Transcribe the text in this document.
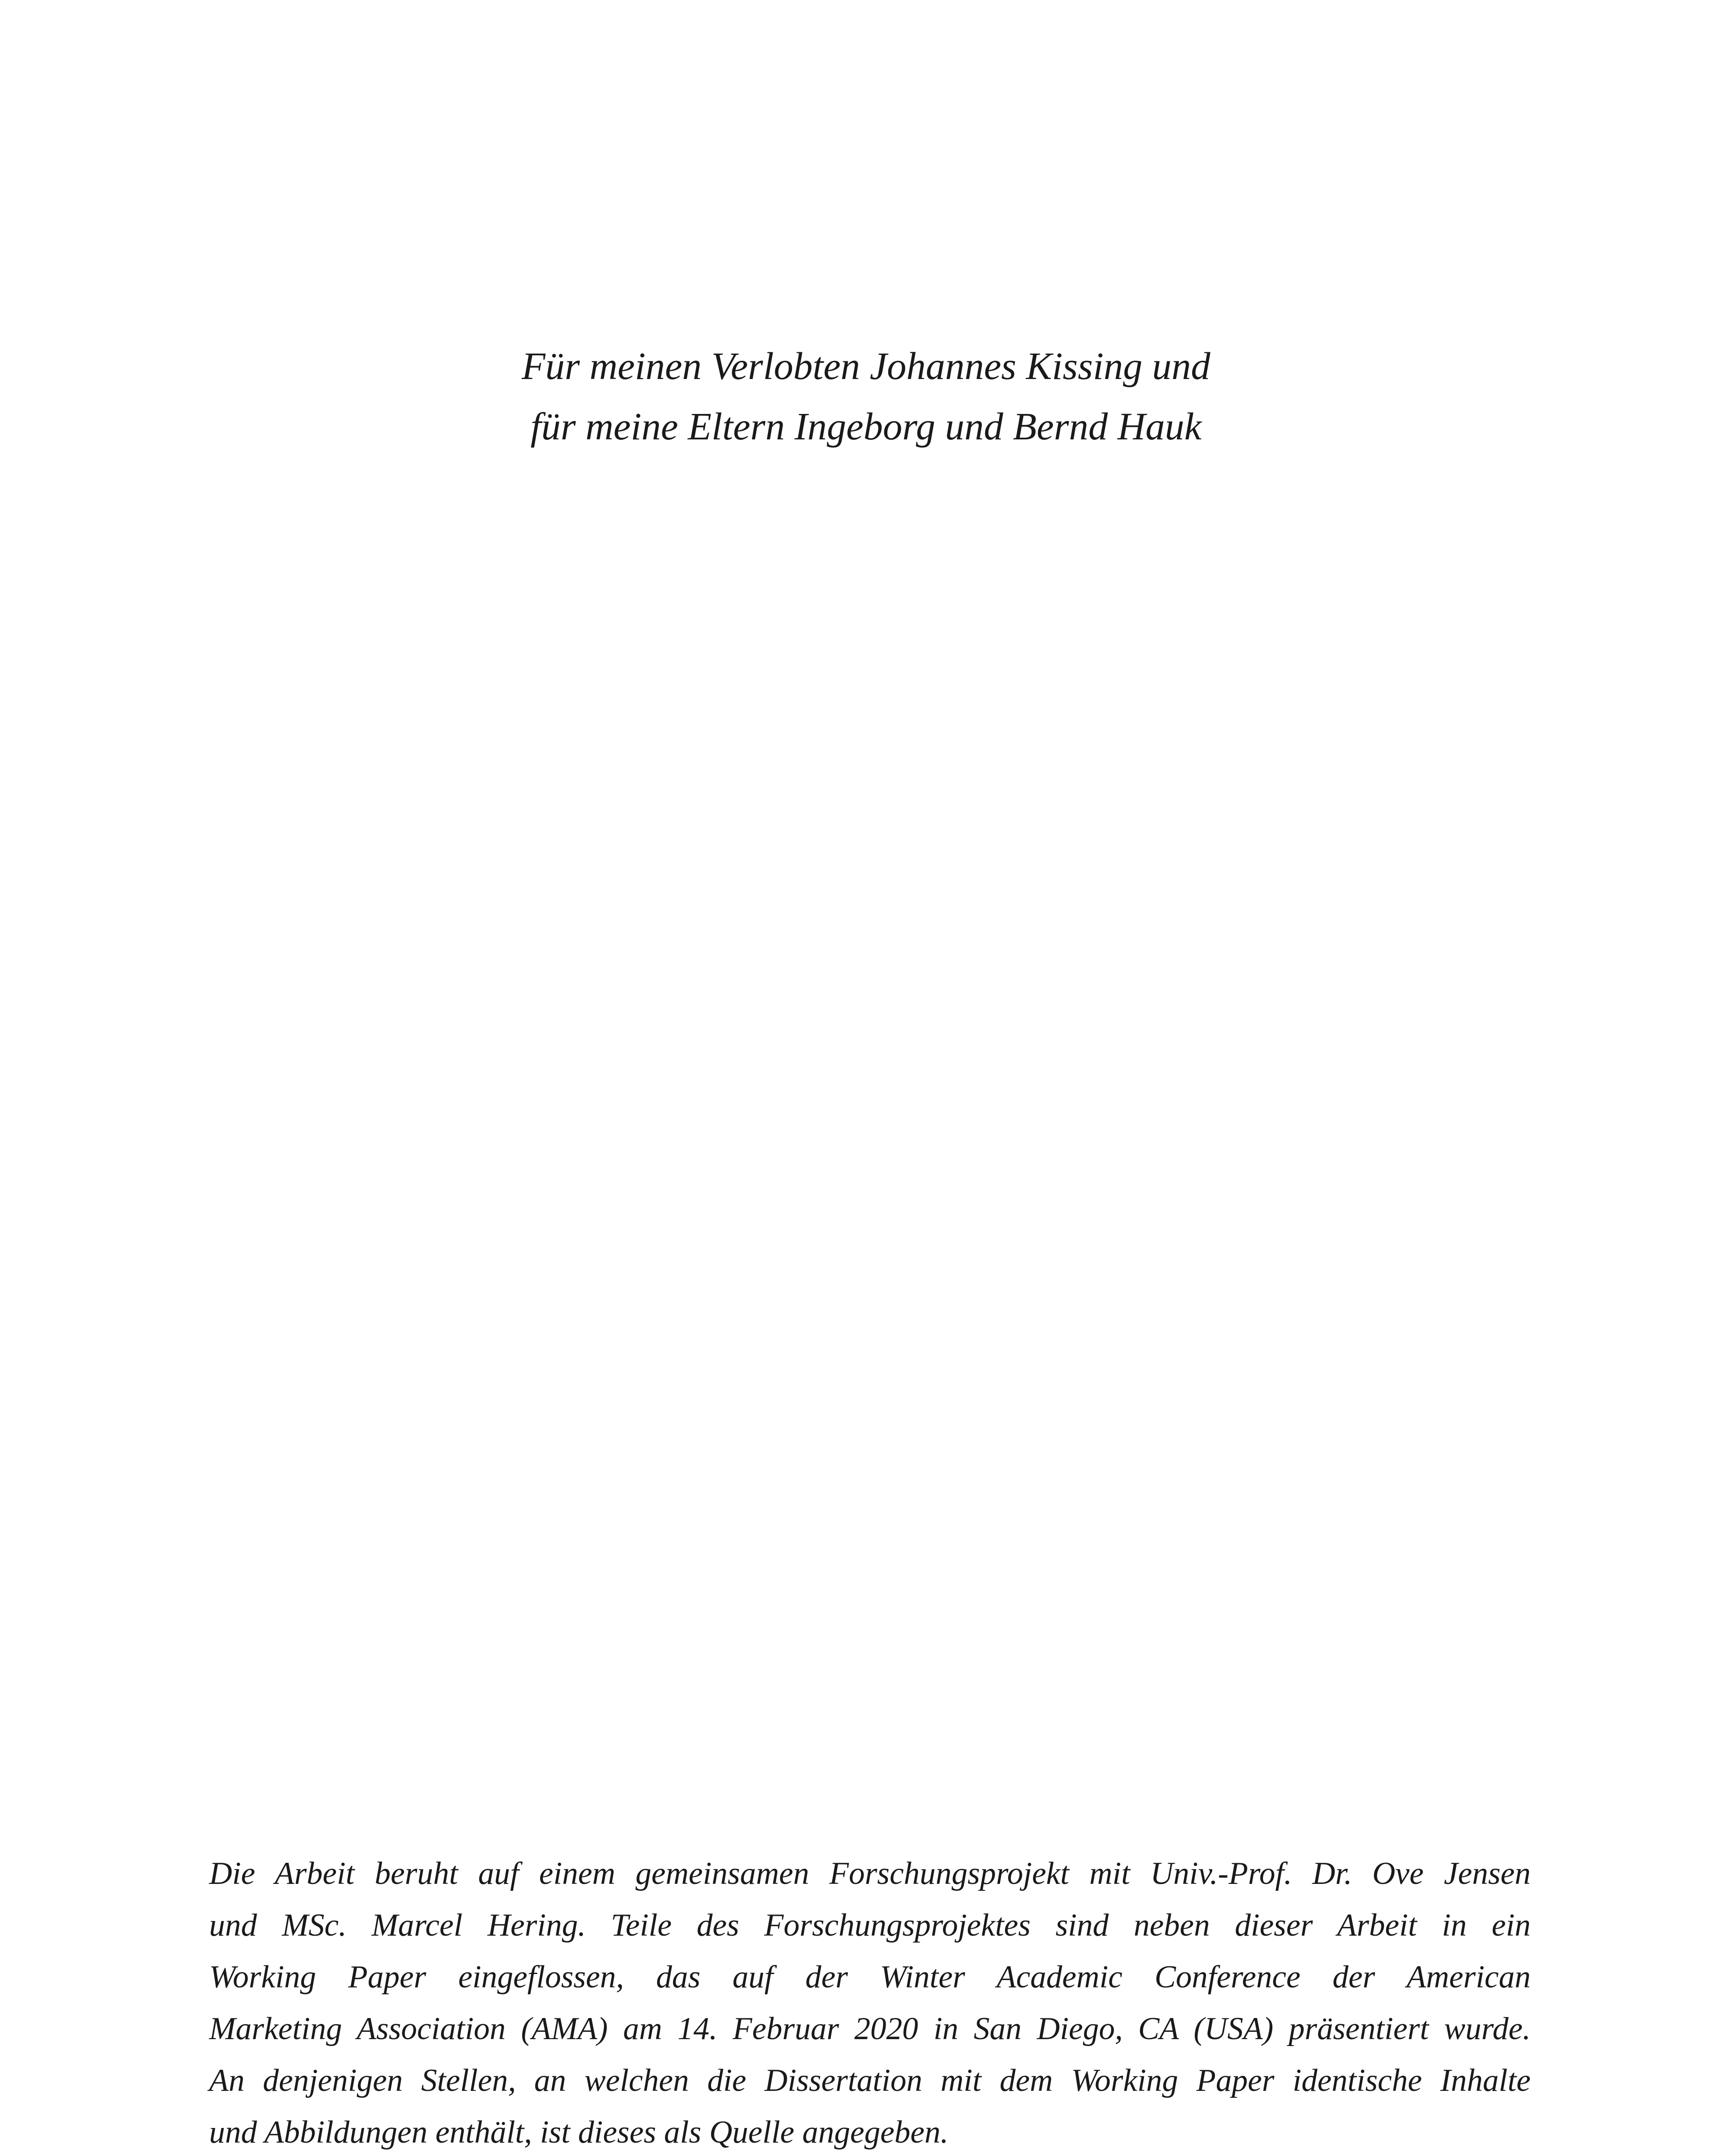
Für meinen Verlobten Johannes Kissing und
für meine Eltern Ingeborg und Bernd Hauk
Die Arbeit beruht auf einem gemeinsamen Forschungsprojekt mit Univ.-Prof. Dr. Ove Jensen
und MSc. Marcel Hering. Teile des Forschungsprojektes sind neben dieser Arbeit in ein
Working Paper eingeflossen, das auf der Winter Academic Conference der American
Marketing Association (AMA) am 14. Februar 2020 in San Diego, CA (USA) präsentiert wurde.
An denjenigen Stellen, an welchen die Dissertation mit dem Working Paper identische Inhalte
und Abbildungen enthält, ist dieses als Quelle angegeben.
